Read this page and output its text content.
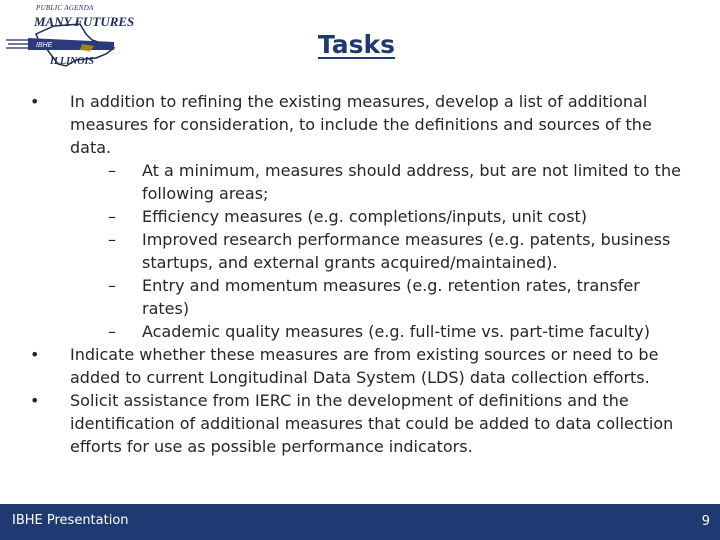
PUBLIC AGENDA
MANY FUTURES
IBHE
ILLINOIS
Tasks
• In addition to refining the existing measures, develop a list of additional measures for consideration, to include the definitions and sources of the data.
– At a minimum, measures should address, but are not limited to the following areas;
– Efficiency measures (e.g. completions/inputs, unit cost)
– Improved research performance measures (e.g. patents, business startups, and external grants acquired/maintained).
– Entry and momentum measures (e.g. retention rates, transfer rates)
– Academic quality measures (e.g. full-time vs. part-time faculty)
• Indicate whether these measures are from existing sources or need to be added to current Longitudinal Data System (LDS) data collection efforts.
• Solicit assistance from IERC in the development of definitions and the identification of additional measures that could be added to data collection efforts for use as possible performance indicators.
IBHE Presentation	9
